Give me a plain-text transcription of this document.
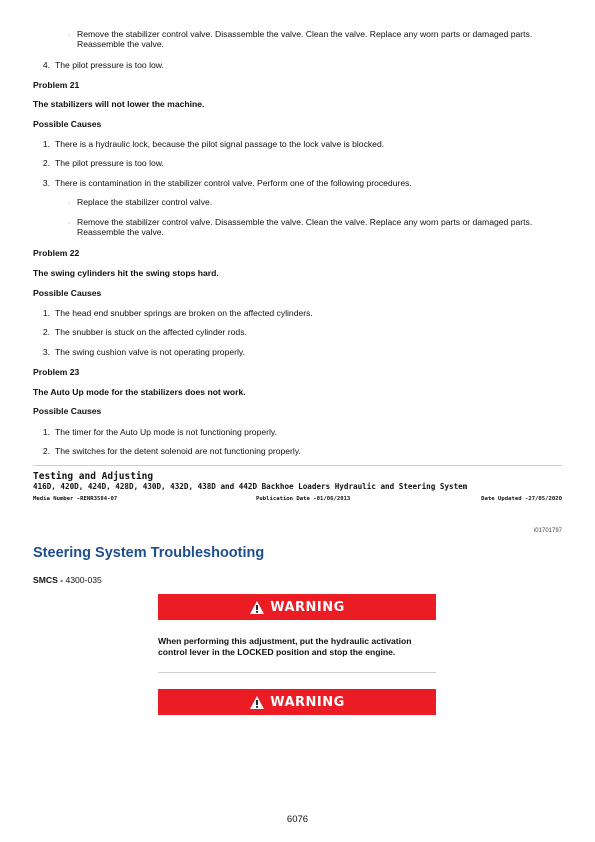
◦ Remove the stabilizer control valve. Disassemble the valve. Clean the valve. Replace any worn parts or damaged parts.
Reassemble the valve.
4. The pilot pressure is too low.
Problem 21
The stabilizers will not lower the machine.
Possible Causes
1. There is a hydraulic lock, because the pilot signal passage to the lock valve is blocked.
2. The pilot pressure is too low.
3. There is contamination in the stabilizer control valve. Perform one of the following procedures.
◦ Replace the stabilizer control valve.
◦ Remove the stabilizer control valve. Disassemble the valve. Clean the valve. Replace any worn parts or damaged parts.
Reassemble the valve.
Problem 22
The swing cylinders hit the swing stops hard.
Possible Causes
1. The head end snubber springs are broken on the affected cylinders.
2. The snubber is stuck on the affected cylinder rods.
3. The swing cushion valve is not operating properly.
Problem 23
The Auto Up mode for the stabilizers does not work.
Possible Causes
1. The timer for the Auto Up mode is not functioning properly.
2. The switches for the detent solenoid are not functioning properly.
Testing and Adjusting
416D, 420D, 424D, 428D, 430D, 432D, 438D and 442D Backhoe Loaders Hydraulic and Steering System
Media Number -RENR3584-07	Publication Date -01/06/2013	Date Updated -27/05/2020
i01701797
Steering System Troubleshooting
SMCS - 4300-035
WARNING
When performing this adjustment, put the hydraulic activation
control lever in the LOCKED position and stop the engine.
WARNING
6076
